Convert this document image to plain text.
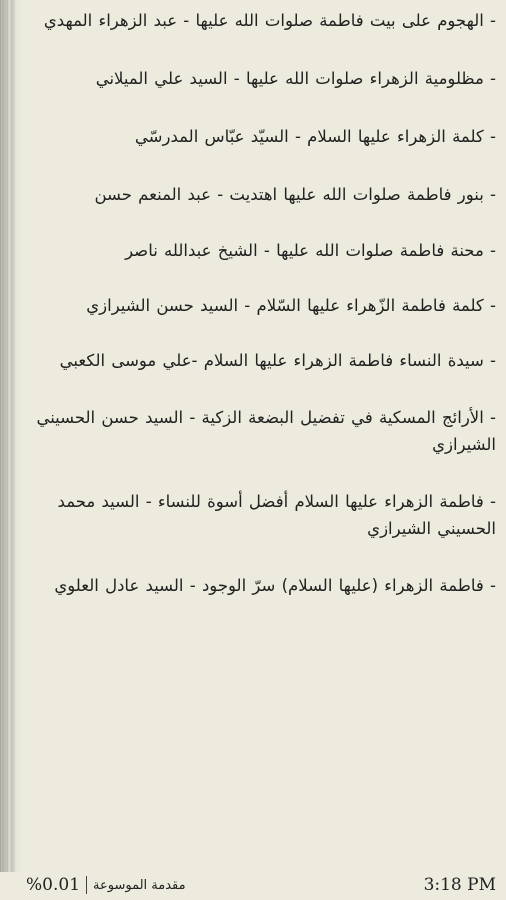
- الهجوم على بيت فاطمة صلوات الله عليها - عبد الزهراء المهدي

- مظلومية الزهراء صلوات الله عليها - السيد علي الميلاني

- كلمة الزهراء عليها السلام - السيّد عبّاس المدرسّي

- بنور فاطمة صلوات الله عليها اهتديت - عبد المنعم حسن

- محنة فاطمة صلوات الله عليها - الشيخ عبدالله ناصر

- كلمة فاطمة الزّهراء عليها السّلام - السيد حسن الشيرازي

- سيدة النساء فاطمة الزهراء عليها السلام -علي موسى الكعبي

- الأرائج المسكية في تفضيل البضعة الزكية - السيد حسن الحسيني الشيرازي

- فاطمة الزهراء عليها السلام أفضل أسوة للنساء - السيد محمد الحسيني الشيرازي

- فاطمة الزهراء (عليها السلام) سرّ الوجود - السيد عادل العلوي

%0.01 مقدمة الموسوعة	3:18 PM
